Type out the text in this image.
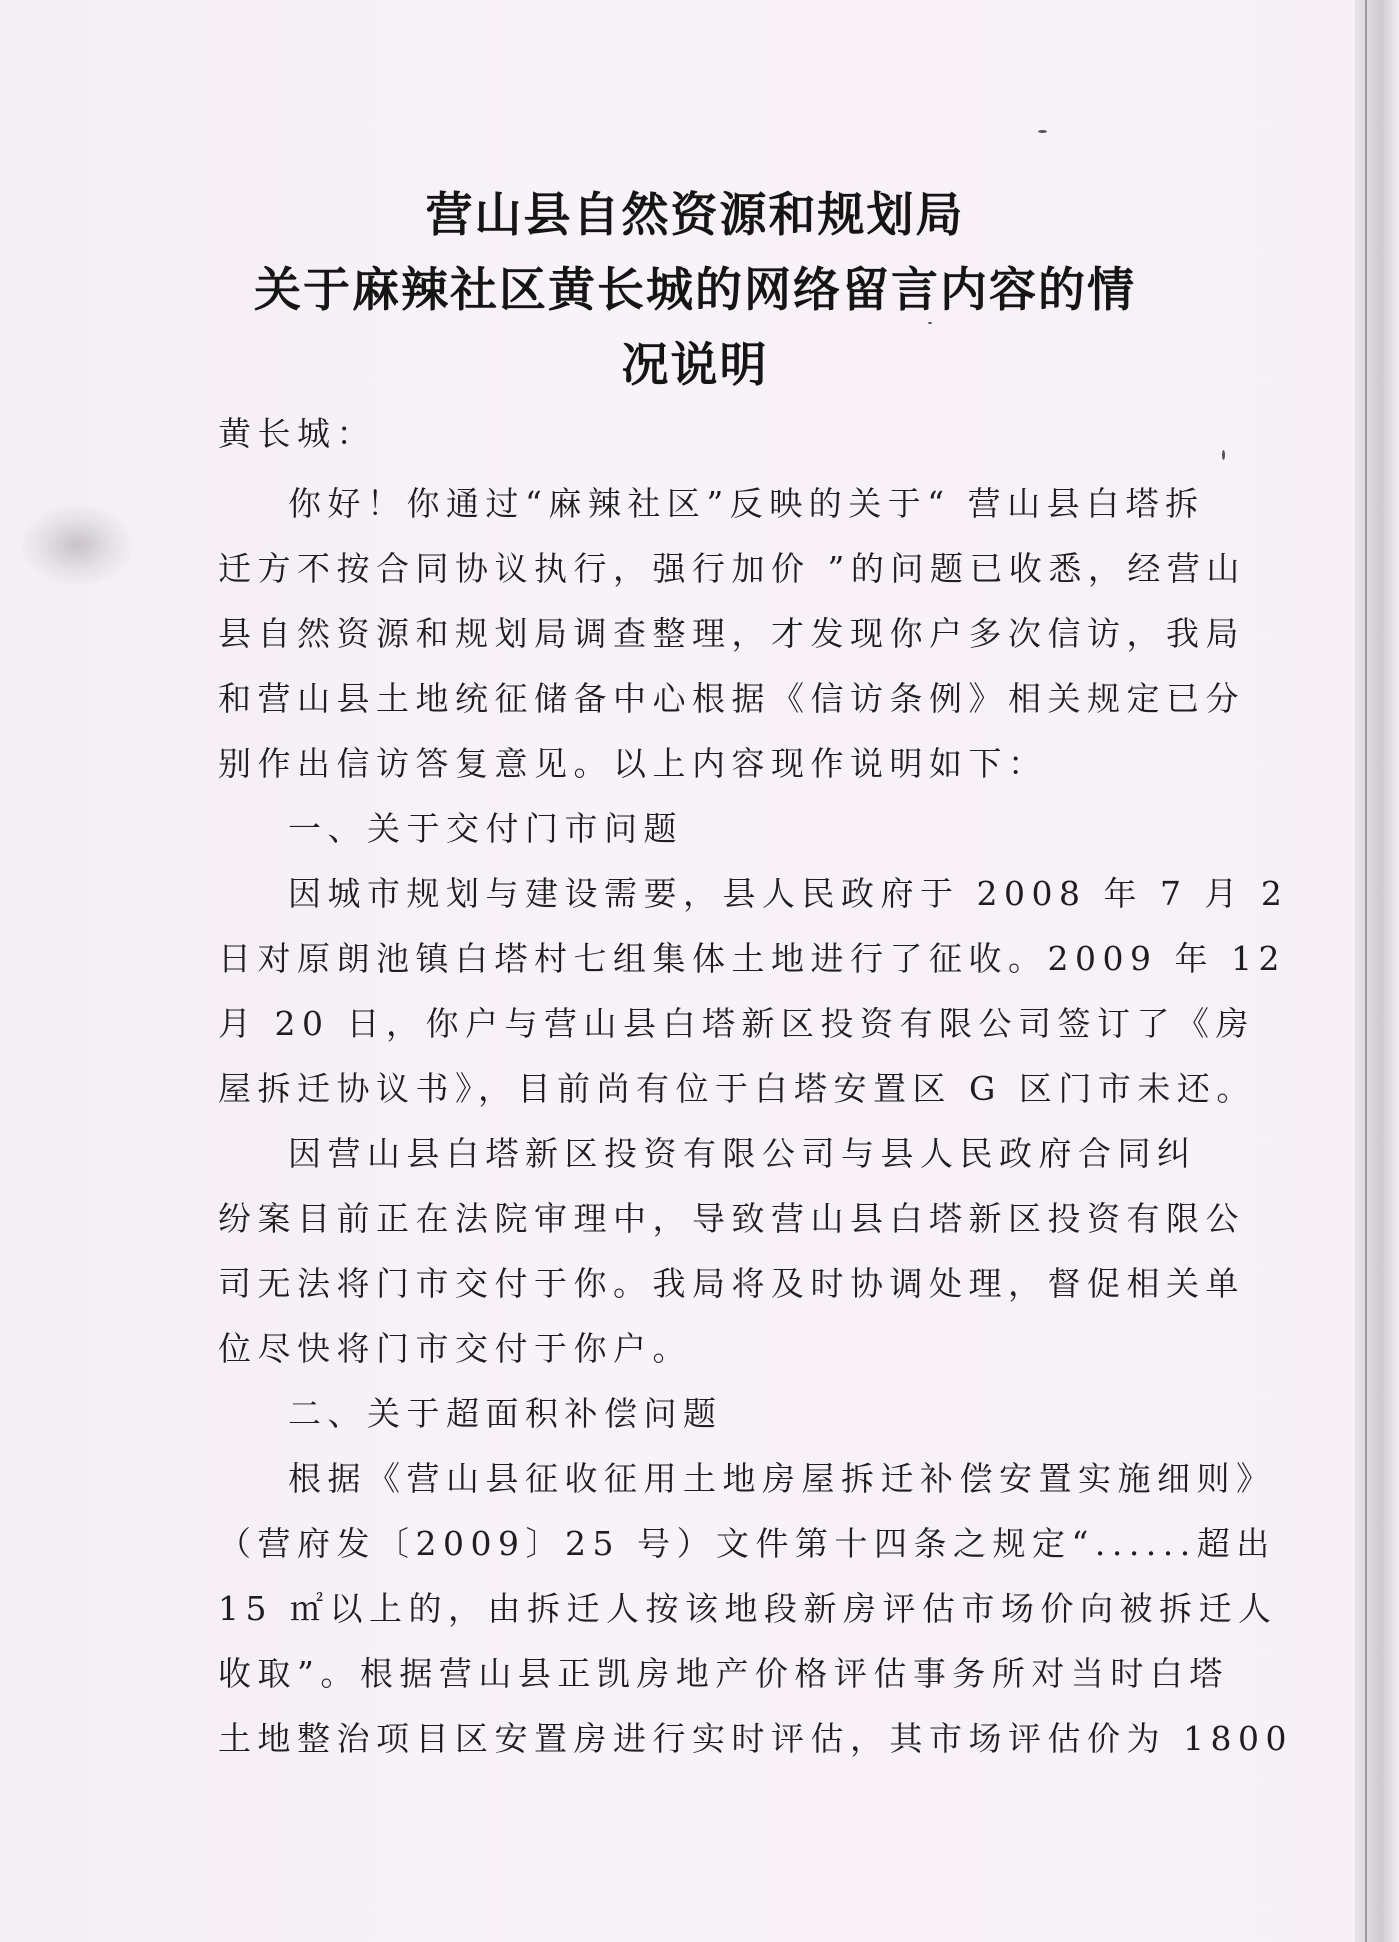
营山县自然资源和规划局
关于麻辣社区黄长城的网络留言内容的情
况说明
黄长城：
你好！你通过“麻辣社区”反映的关于“ 营山县白塔拆
迁方不按合同协议执行，强行加价 ”的问题已收悉，经营山
县自然资源和规划局调查整理，才发现你户多次信访，我局
和营山县土地统征储备中心根据《信访条例》相关规定已分
别作出信访答复意见。以上内容现作说明如下：
一、关于交付门市问题
因城市规划与建设需要，县人民政府于 2008 年 7 月 2
日对原朗池镇白塔村七组集体土地进行了征收。2009 年 12
月 20 日，你户与营山县白塔新区投资有限公司签订了《房
屋拆迁协议书》，目前尚有位于白塔安置区 G 区门市未还。
因营山县白塔新区投资有限公司与县人民政府合同纠
纷案目前正在法院审理中，导致营山县白塔新区投资有限公
司无法将门市交付于你。我局将及时协调处理，督促相关单
位尽快将门市交付于你户。
二、关于超面积补偿问题
根据《营山县征收征用土地房屋拆迁补偿安置实施细则》
（营府发〔2009〕25 号）文件第十四条之规定“......超出
15 ㎡以上的，由拆迁人按该地段新房评估市场价向被拆迁人
收取”。根据营山县正凯房地产价格评估事务所对当时白塔
土地整治项目区安置房进行实时评估，其市场评估价为 1800
